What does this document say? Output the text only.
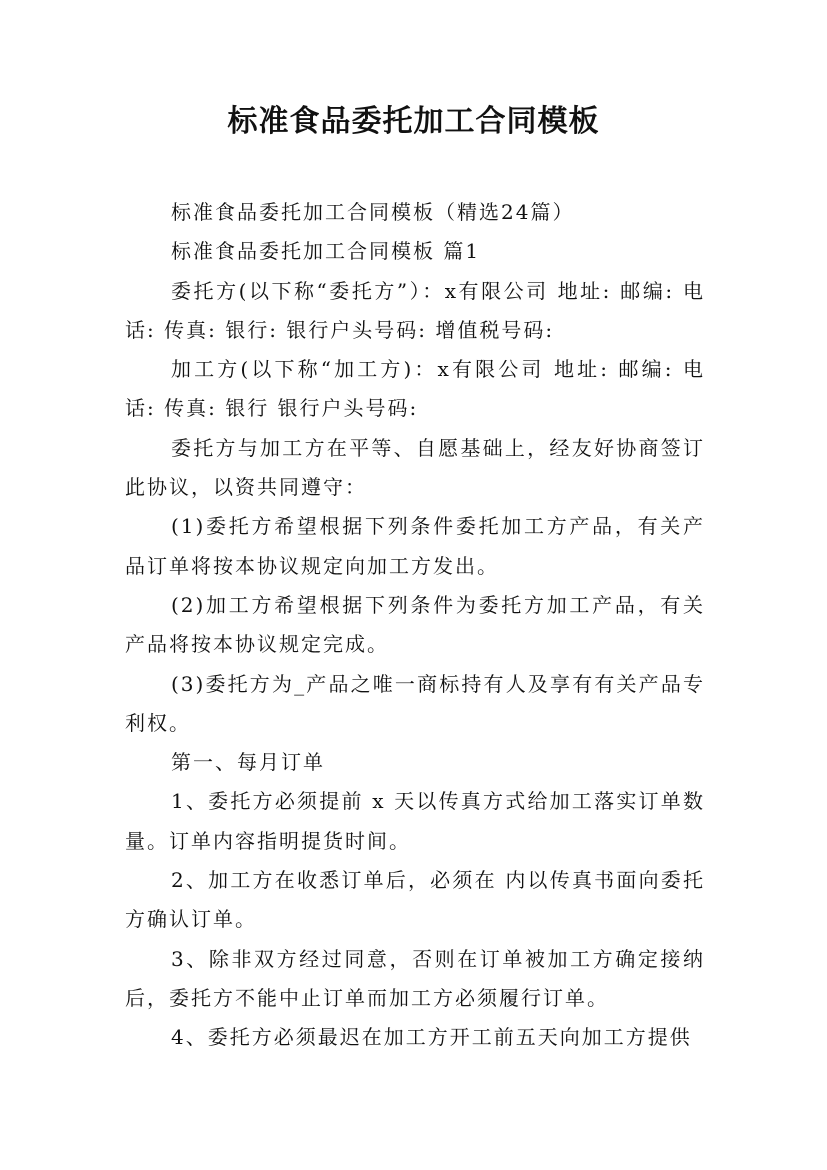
标准食品委托加工合同模板

标准食品委托加工合同模板（精选24篇）

标准食品委托加工合同模板 篇1

委托方(以下称“委托方”）：x有限公司 地址: 邮编: 电话: 传真: 银行: 银行户头号码: 增值税号码:

加工方(以下称“加工方)：x有限公司 地址: 邮编: 电话: 传真: 银行 银行户头号码:

委托方与加工方在平等、自愿基础上，经友好协商签订此协议，以资共同遵守：

(1)委托方希望根据下列条件委托加工方产品，有关产品订单将按本协议规定向加工方发出。

(2)加工方希望根据下列条件为委托方加工产品，有关产品将按本协议规定完成。

(3)委托方为_产品之唯一商标持有人及享有有关产品专利权。

第一、每月订单

1、委托方必须提前 x 天以传真方式给加工落实订单数量。订单内容指明提货时间。

2、加工方在收悉订单后，必须在 内以传真书面向委托方确认订单。

3、除非双方经过同意，否则在订单被加工方确定接纳后，委托方不能中止订单而加工方必须履行订单。

4、委托方必须最迟在加工方开工前五天向加工方提供
